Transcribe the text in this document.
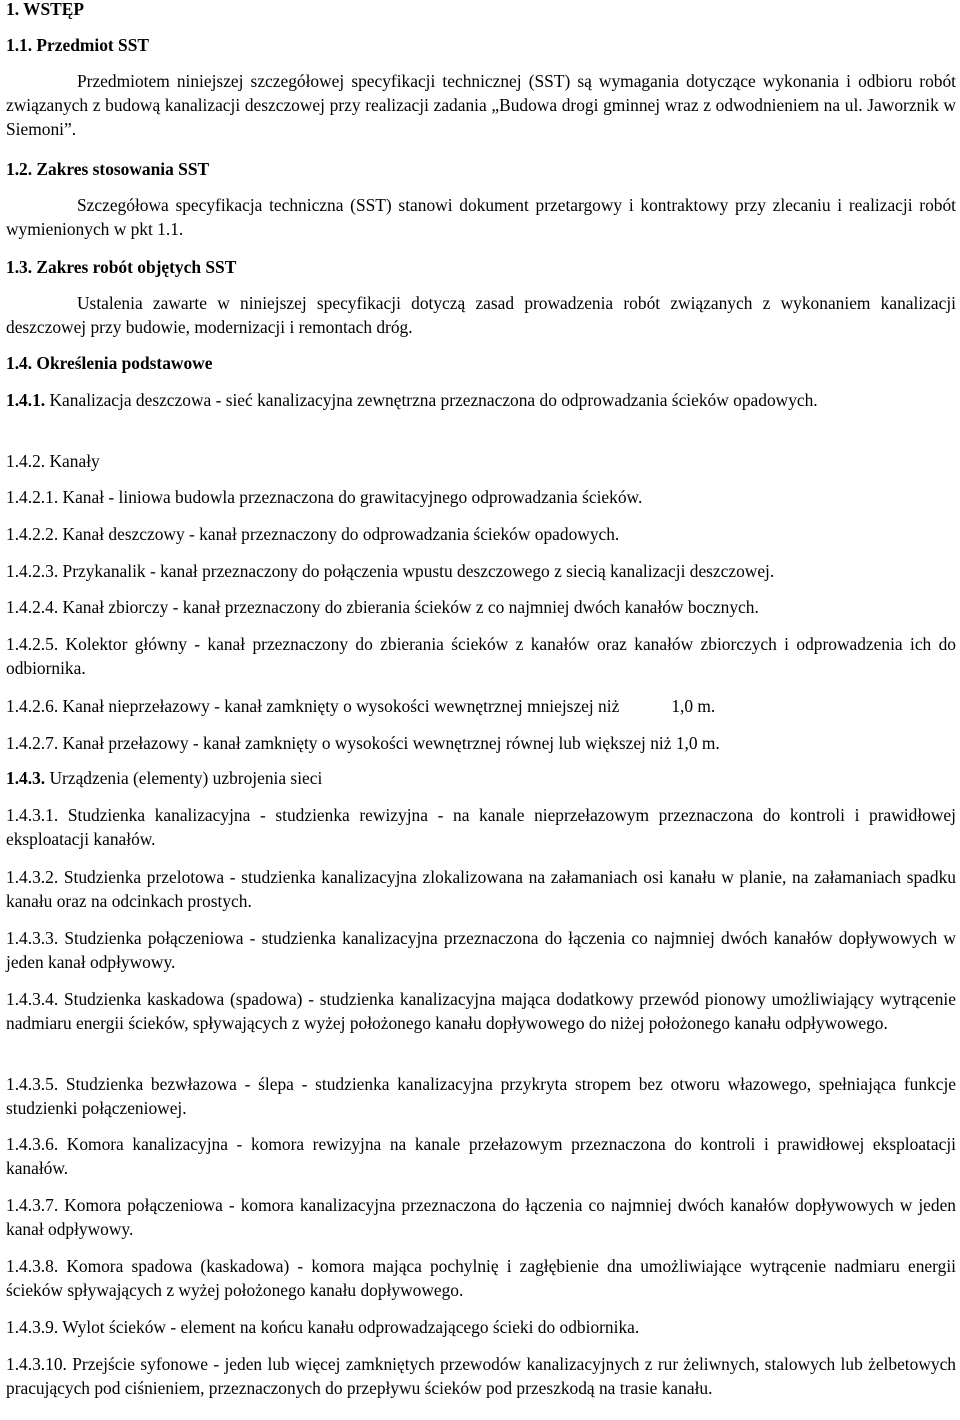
1. WSTĘP
1.1. Przedmiot SST
Przedmiotem niniejszej szczegółowej specyfikacji technicznej (SST) są wymagania dotyczące wykonania i odbioru robót związanych z budową kanalizacji deszczowej przy realizacji zadania „Budowa drogi gminnej wraz z odwodnieniem na ul. Jaworznik w Siemoni”.
1.2. Zakres stosowania SST
Szczegółowa specyfikacja techniczna (SST) stanowi dokument przetargowy i kontraktowy przy zlecaniu i realizacji robót wymienionych w pkt 1.1.
1.3. Zakres robót objętych SST
Ustalenia zawarte w niniejszej specyfikacji dotyczą zasad prowadzenia robót związanych z wykonaniem kanalizacji deszczowej przy budowie, modernizacji i remontach dróg.
1.4. Określenia podstawowe
1.4.1. Kanalizacja deszczowa - sieć kanalizacyjna zewnętrzna przeznaczona do odprowadzania ścieków opadowych.
1.4.2. Kanały
1.4.2.1. Kanał - liniowa budowla przeznaczona do grawitacyjnego odprowadzania ścieków.
1.4.2.2. Kanał deszczowy - kanał przeznaczony do odprowadzania ścieków opadowych.
1.4.2.3. Przykanalik - kanał przeznaczony do połączenia wpustu deszczowego z siecią kanalizacji deszczowej.
1.4.2.4. Kanał zbiorczy - kanał przeznaczony do zbierania ścieków z co najmniej dwóch kanałów bocznych.
1.4.2.5. Kolektor główny - kanał przeznaczony do zbierania ścieków z kanałów oraz kanałów zbiorczych i odprowadzenia ich do odbiornika.
1.4.2.6. Kanał nieprzełazowy - kanał zamknięty o wysokości wewnętrznej mniejszej niż	1,0 m.
1.4.2.7. Kanał przełazowy - kanał zamknięty o wysokości wewnętrznej równej lub większej niż 1,0 m.
1.4.3. Urządzenia (elementy) uzbrojenia sieci
1.4.3.1. Studzienka kanalizacyjna - studzienka rewizyjna - na kanale nieprzełazowym przeznaczona do kontroli i prawidłowej eksploatacji kanałów.
1.4.3.2. Studzienka przelotowa - studzienka kanalizacyjna zlokalizowana na załamaniach osi kanału w planie, na załamaniach spadku kanału oraz na odcinkach prostych.
1.4.3.3. Studzienka połączeniowa - studzienka kanalizacyjna przeznaczona do łączenia co najmniej dwóch kanałów dopływowych w jeden kanał odpływowy.
1.4.3.4. Studzienka kaskadowa (spadowa) - studzienka kanalizacyjna mająca dodatkowy przewód pionowy umożliwiający wytrącenie nadmiaru energii ścieków, spływających z wyżej położonego kanału dopływowego do niżej położonego kanału odpływowego.
1.4.3.5. Studzienka bezwłazowa - ślepa - studzienka kanalizacyjna przykryta stropem bez otworu włazowego, spełniająca funkcje studzienki połączeniowej.
1.4.3.6. Komora kanalizacyjna - komora rewizyjna na kanale przełazowym przeznaczona do kontroli i prawidłowej eksploatacji kanałów.
1.4.3.7. Komora połączeniowa - komora kanalizacyjna przeznaczona do łączenia co najmniej dwóch kanałów dopływowych w jeden kanał odpływowy.
1.4.3.8. Komora spadowa (kaskadowa) - komora mająca pochylnię i zagłębienie dna umożliwiające wytrącenie nadmiaru energii ścieków spływających z wyżej położonego kanału dopływowego.
1.4.3.9. Wylot ścieków - element na końcu kanału odprowadzającego ścieki do odbiornika.
1.4.3.10. Przejście syfonowe - jeden lub więcej zamkniętych przewodów kanalizacyjnych z rur żeliwnych, stalowych lub żelbetowych pracujących pod ciśnieniem, przeznaczonych do przepływu ścieków pod przeszkodą na trasie kanału.
